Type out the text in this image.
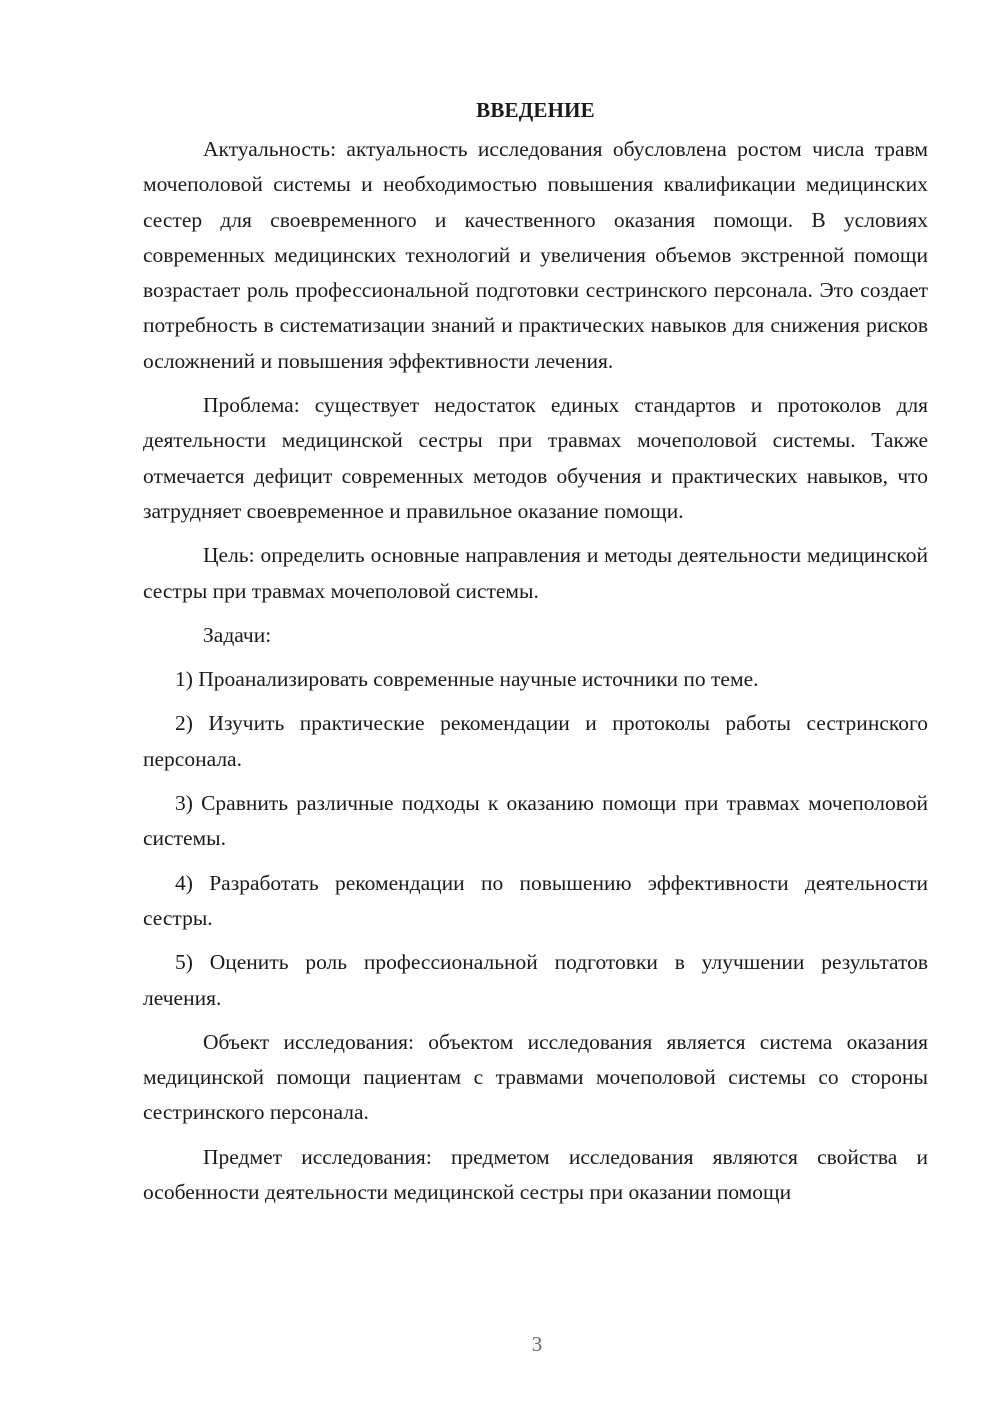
ВВЕДЕНИЕ

Актуальность: актуальность исследования обусловлена ростом числа травм мочеполовой системы и необходимостью повышения квалификации медицинских сестер для своевременного и качественного оказания помощи. В условиях современных медицинских технологий и увеличения объемов экстренной помощи возрастает роль профессиональной подготовки сестринского персонала. Это создает потребность в систематизации знаний и практических навыков для снижения рисков осложнений и повышения эффективности лечения.

Проблема: существует недостаток единых стандартов и протоколов для деятельности медицинской сестры при травмах мочеполовой системы. Также отмечается дефицит современных методов обучения и практических навыков, что затрудняет своевременное и правильное оказание помощи.

Цель: определить основные направления и методы деятельности медицинской сестры при травмах мочеполовой системы.

Задачи:

1) Проанализировать современные научные источники по теме.

2) Изучить практические рекомендации и протоколы работы сестринского персонала.

3) Сравнить различные подходы к оказанию помощи при травмах мочеполовой системы.

4) Разработать рекомендации по повышению эффективности деятельности сестры.

5) Оценить роль профессиональной подготовки в улучшении результатов лечения.

Объект исследования: объектом исследования является система оказания медицинской помощи пациентам с травмами мочеполовой системы со стороны сестринского персонала.

Предмет исследования: предметом исследования являются свойства и особенности деятельности медицинской сестры при оказании помощи

3
